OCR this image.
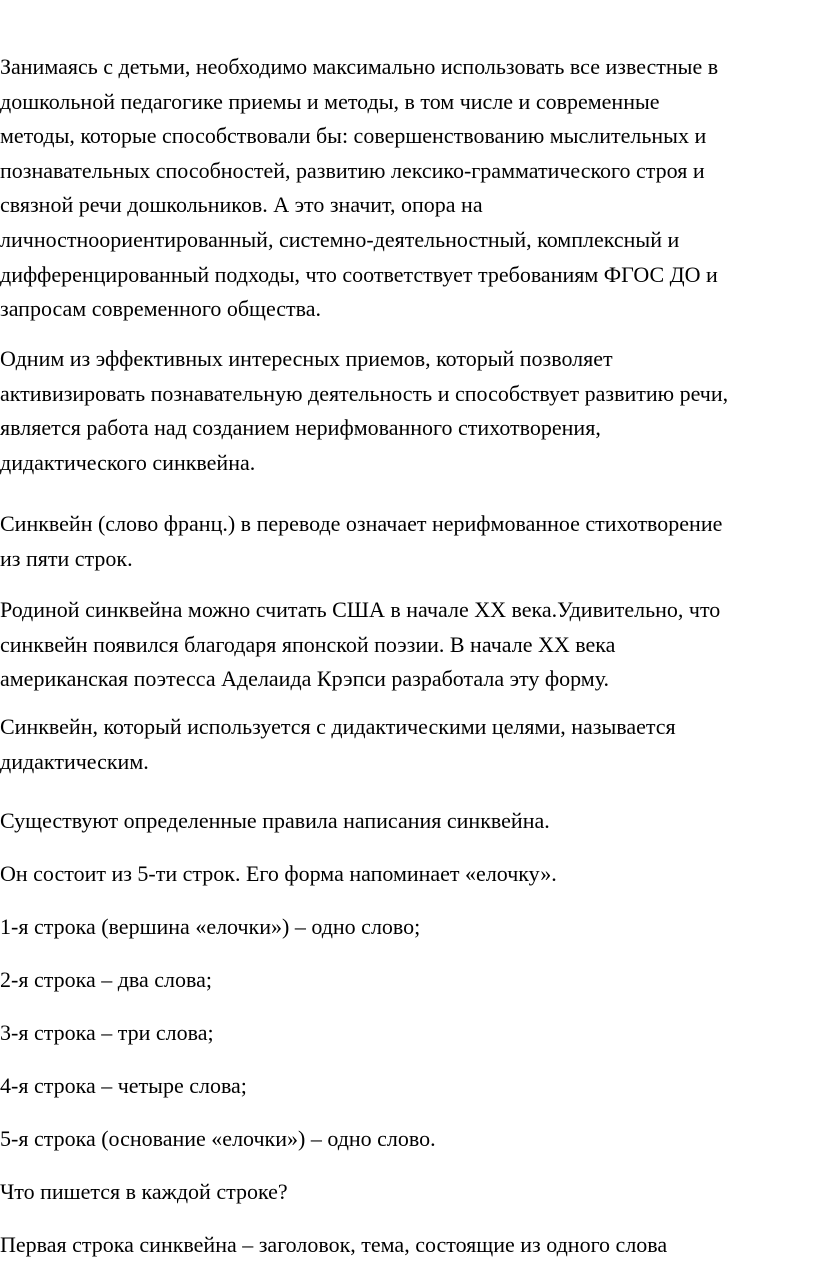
Занимаясь с детьми, необходимо максимально использовать все известные в
дошкольной педагогике приемы и методы, в том числе и современные
методы, которые способствовали бы: совершенствованию мыслительных и
познавательных способностей, развитию лексико-грамматического строя и
связной речи дошкольников. А это значит, опора на
личностноориентированный, системно-деятельностный, комплексный и
дифференцированный подходы, что соответствует требованиям ФГОС ДО и
запросам современного общества.

Одним из эффективных интересных приемов, который позволяет
активизировать познавательную деятельность и способствует развитию речи,
является работа над созданием нерифмованного стихотворения,
дидактического синквейна.

Синквейн (слово франц.) в переводе означает нерифмованное стихотворение
из пяти строк.

Родиной синквейна можно считать США в начале XX века.Удивительно, что
синквейн появился благодаря японской поэзии. В начале XX века
американская поэтесса Аделаида Крэпси разработала эту форму.

Синквейн, который используется с дидактическими целями, называется
дидактическим.

Существуют определенные правила написания синквейна.

Он состоит из 5-ти строк. Его форма напоминает «елочку».

1-я строка (вершина «елочки») – одно слово;

2-я строка – два слова;

3-я строка – три слова;

4-я строка – четыре слова;

5-я строка (основание «елочки») – одно слово.

Что пишется в каждой строке?

Первая строка синквейна – заголовок, тема, состоящие из одного слова
